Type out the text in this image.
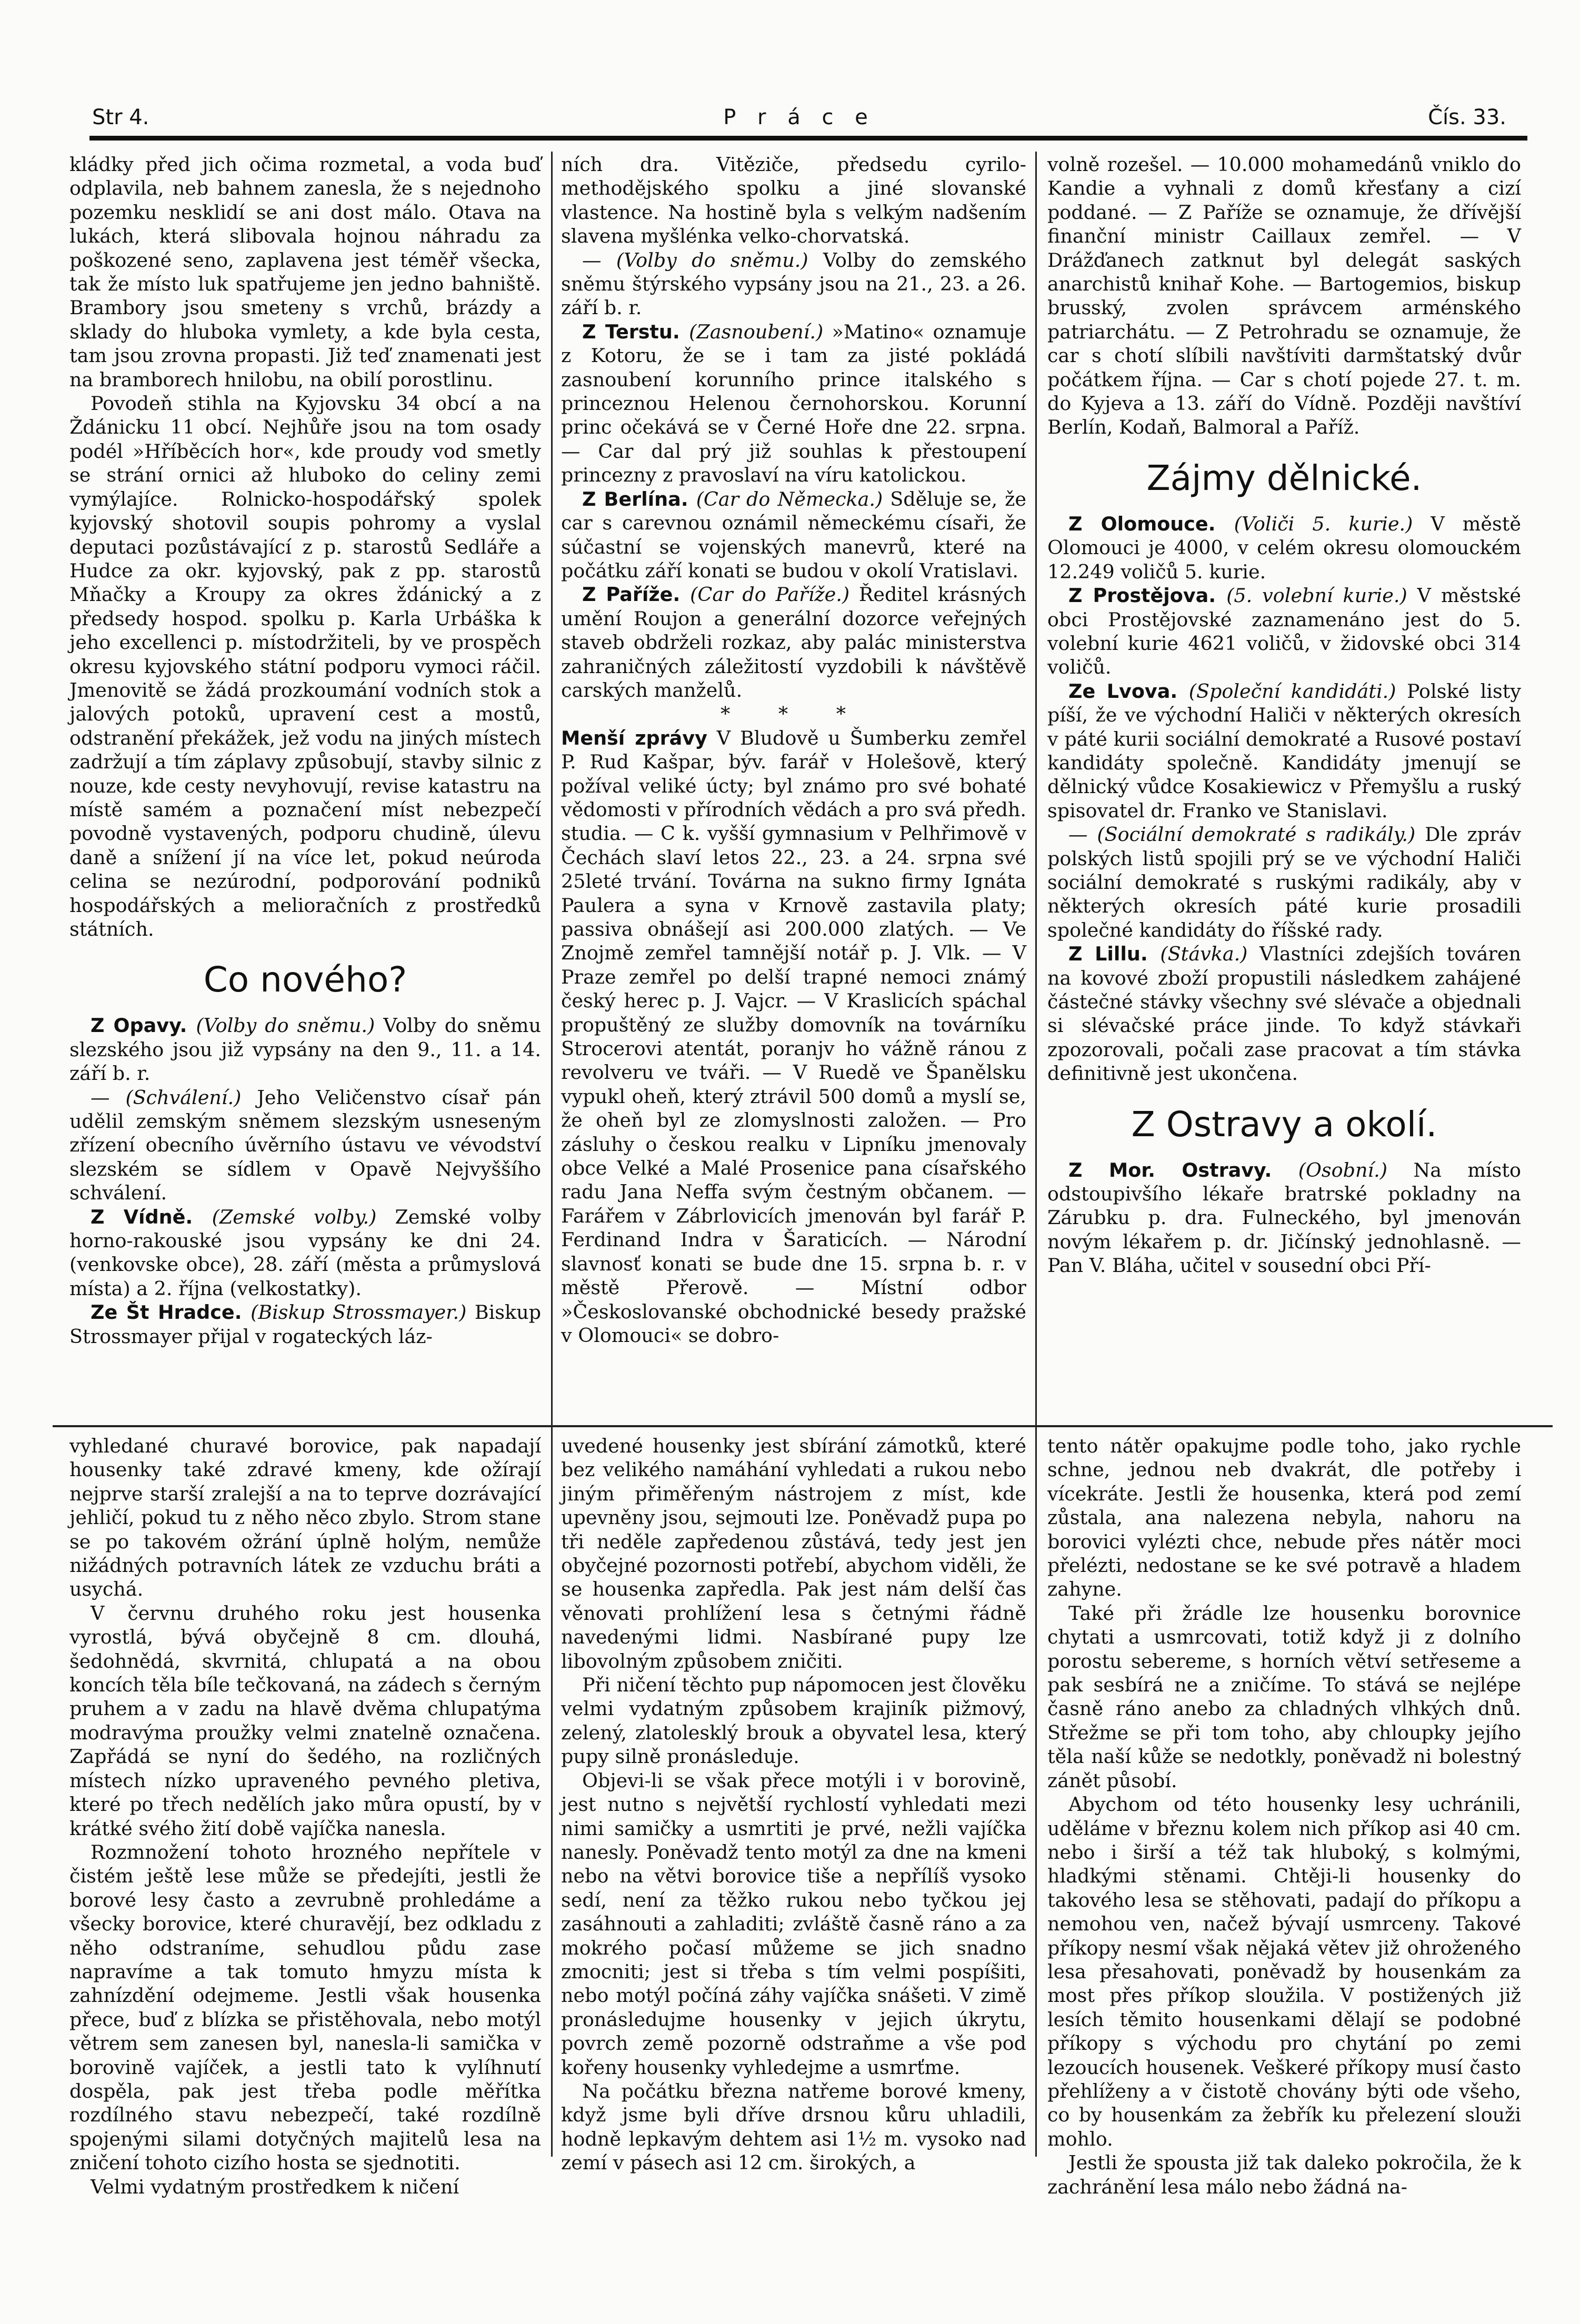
Str 4.	P r á c e	Čís. 33.

kládky před jich očima rozmetal, a voda buď odplavila, neb bahnem zanesla, že s nejednoho pozemku nesklidí se ani dost málo. Otava na lukách, která slibovala hojnou náhradu za poškozené seno, zaplavena jest téměř všecka, tak že místo luk spatřujeme jen jedno bahniště. Brambory jsou smeteny s vrchů, brázdy a sklady do hluboka vymlety, a kde byla cesta, tam jsou zrovna propasti. Již teď znamenati jest na bramborech hnilobu, na obilí porostlinu.

Povodeň stihla na Kyjovsku 34 obcí a na Ždánicku 11 obcí. Nejhůře jsou na tom osady podél »Hříběcích hor«, kde proudy vod smetly se strání ornici až hluboko do celiny zemi vymýlajíce. Rolnicko-hospodářský spolek kyjovský shotovil soupis pohromy a vyslal deputaci pozůstávající z p. starostů Sedláře a Hudce za okr. kyjovský, pak z pp. starostů Mňačky a Kroupy za okres ždánický a z předsedy hospod. spolku p. Karla Urbáška k jeho excellenci p. místodržiteli, by ve prospěch okresu kyjovského státní podporu vymoci ráčil. Jmenovitě se žádá prozkoumání vodních stok a jalových potoků, upravení cest a mostů, odstranění překážek, jež vodu na jiných místech zadržují a tím záplavy způsobují, stavby silnic z nouze, kde cesty nevyhovují, revise katastru na místě samém a poznačení míst nebezpečí povodně vystavených, podporu chudině, úlevu daně a snížení jí na více let, pokud neúroda celina se nezúrodní, podporování podniků hospodářských a melioračních z prostředků státních.

Co nového?

Z Opavy. (Volby do sněmu.) Volby do sněmu slezského jsou již vypsány na den 9., 11. a 14. září b. r.

— (Schválení.) Jeho Veličenstvo císař pán udělil zemským sněmem slezským usneseným zřízení obecního úvěrního ústavu ve vévodství slezském se sídlem v Opavě Nejvyššího schválení.

Z Vídně. (Zemské volby.) Zemské volby horno-rakouské jsou vypsány ke dni 24. (venkovske obce), 28. září (města a průmyslová místa) a 2. října (velkostatky).

Ze Št Hradce. (Biskup Strossmayer.) Biskup Strossmayer přijal v rogateckých láz-

ních dra. Vitěziče, předsedu cyrilo-methodějského spolku a jiné slovanské vlastence. Na hostině byla s velkým nadšením slavena myšlénka velko-chorvatská.

— (Volby do sněmu.) Volby do zemského sněmu štýrského vypsány jsou na 21., 23. a 26. září b. r.

Z Terstu. (Zasnoubení.) »Matino« oznamuje z Kotoru, že se i tam za jisté pokládá zasnoubení korunního prince italského s princeznou Helenou černohorskou. Korunní princ očekává se v Černé Hoře dne 22. srpna. — Car dal prý již souhlas k přestoupení princezny z pravoslaví na víru katolickou.

Z Berlína. (Car do Německa.) Sděluje se, že car s carevnou oznámil německému císaři, že súčastní se vojenských manevrů, které na počátku září konati se budou v okolí Vratislavi.

Z Paříže. (Car do Paříže.) Ředitel krásných umění Roujon a generální dozorce veřejných staveb obdrželi rozkaz, aby palác ministerstva zahraničných záležitostí vyzdobili k návštěvě carských manželů.

* * *

Menší zprávy V Bludově u Šumberku zemřel P. Rud Kašpar, býv. farář v Holešově, který požíval veliké úcty; byl známo pro své bohaté vědomosti v přírodních vědách a pro svá předh. studia. — C k. vyšší gymnasium v Pelhřimově v Čechách slaví letos 22., 23. a 24. srpna své 25leté trvání. Továrna na sukno firmy Ignáta Paulera a syna v Krnově zastavila platy; passiva obnášejí asi 200.000 zlatých. — Ve Znojmě zemřel tamnější notář p. J. Vlk. — V Praze zemřel po delší trapné nemoci známý český herec p. J. Vajcr. — V Kraslicích spáchal propuštěný ze služby domovník na továrníku Strocerovi atentát, poranjv ho vážně ránou z revolveru ve tváři. — V Ruedě ve Španělsku vypukl oheň, který ztrávil 500 domů a myslí se, že oheň byl ze zlomyslnosti založen. — Pro zásluhy o českou realku v Lipníku jmenovaly obce Velké a Malé Prosenice pana císařského radu Jana Neffa svým čestným občanem. — Farářem v Zábrlovicích jmenován byl farář P. Ferdinand Indra v Šaraticích. — Národní slavnosť konati se bude dne 15. srpna b. r. v městě Přerově. — Místní odbor »Českoslovanské obchodnické besedy pražské v Olomouci« se dobro-

volně rozešel. — 10.000 mohamedánů vniklo do Kandie a vyhnali z domů křesťany a cizí poddané. — Z Paříže se oznamuje, že dřívější finanční ministr Caillaux zemřel. — V Drážďanech zatknut byl delegát saských anarchistů knihař Kohe. — Bartogemios, biskup brusský, zvolen správcem arménského patriarchátu. — Z Petrohradu se oznamuje, že car s chotí slíbili navštíviti darmštatský dvůr počátkem října. — Car s chotí pojede 27. t. m. do Kyjeva a 13. září do Vídně. Později navštíví Berlín, Kodaň, Balmoral a Paříž.

Zájmy dělnické.

Z Olomouce. (Voliči 5. kurie.) V městě Olomouci je 4000, v celém okresu olomouckém 12.249 voličů 5. kurie.

Z Prostějova. (5. volební kurie.) V městské obci Prostějovské zaznamenáno jest do 5. volební kurie 4621 voličů, v židovské obci 314 voličů.

Ze Lvova. (Společní kandidáti.) Polské listy píší, že ve východní Haliči v některých okresích v páté kurii sociální demokraté a Rusové postaví kandidáty společně. Kandidáty jmenují se dělnický vůdce Kosakiewicz v Přemyšlu a ruský spisovatel dr. Franko ve Stanislavi.

— (Sociální demokraté s radikály.) Dle zpráv polských listů spojili prý se ve východní Haliči sociální demokraté s ruskými radikály, aby v některých okresích páté kurie prosadili společné kandidáty do říšské rady.

Z Lillu. (Stávka.) Vlastníci zdejších továren na kovové zboží propustili následkem zahájené částečné stávky všechny své slévače a objednali si slévačské práce jinde. To když stávkaři zpozorovali, počali zase pracovat a tím stávka definitivně jest ukončena.

Z Ostravy a okolí.

Z Mor. Ostravy. (Osobní.) Na místo odstoupivšího lékaře bratrské pokladny na Zárubku p. dra. Fulneckého, byl jmenován novým lékařem p. dr. Jičínský jednohlasně. — Pan V. Bláha, učitel v sousední obci Pří-

vyhledané churavé borovice, pak napadají housenky také zdravé kmeny, kde ožírají nejprve starší zralejší a na to teprve dozrávající jehličí, pokud tu z něho něco zbylo. Strom stane se po takovém ožrání úplně holým, nemůže nižádných potravních látek ze vzduchu bráti a usychá.

V červnu druhého roku jest housenka vyrostlá, bývá obyčejně 8 cm. dlouhá, šedohnědá, skvrnitá, chlupatá a na obou koncích těla bíle tečkovaná, na zádech s černým pruhem a v zadu na hlavě dvěma chlupatýma modravýma proužky velmi znatelně označena. Zapřádá se nyní do šedého, na rozličných místech nízko upraveného pevného pletiva, které po třech nedělích jako můra opustí, by v krátké svého žití době vajíčka nanesla.

Rozmnožení tohoto hrozného nepřítele v čistém ještě lese může se předejíti, jestli že borové lesy často a zevrubně prohledáme a všecky borovice, které churavějí, bez odkladu z něho odstraníme, sehudlou půdu zase napravíme a tak tomuto hmyzu místa k zahnízdění odejmeme. Jestli však housenka přece, buď z blízka se přistěhovala, nebo motýl větrem sem zanesen byl, nanesla-li samička v borovině vajíček, a jestli tato k vylíhnutí dospěla, pak jest třeba podle měřítka rozdílného stavu nebezpečí, také rozdílně spojenými silami dotyčných majitelů lesa na zničení tohoto cizího hosta se sjednotiti.

Velmi vydatným prostředkem k ničení

uvedené housenky jest sbírání zámotků, které bez velikého namáhání vyhledati a rukou nebo jiným přiměřeným nástrojem z míst, kde upevněny jsou, sejmouti lze. Poněvadž pupa po tři neděle zapředenou zůstává, tedy jest jen obyčejné pozornosti potřebí, abychom viděli, že se housenka zapředla. Pak jest nám delší čas věnovati prohlížení lesa s četnými řádně navedenými lidmi. Nasbírané pupy lze libovolným způsobem zničiti.

Při ničení těchto pup nápomocen jest člověku velmi vydatným způsobem krajiník pižmový, zelený, zlatolesklý brouk a obyvatel lesa, který pupy silně pronásleduje.

Objevi-li se však přece motýli i v borovině, jest nutno s největší rychlostí vyhledati mezi nimi samičky a usmrtiti je prvé, nežli vajíčka nanesly. Poněvadž tento motýl za dne na kmeni nebo na větvi borovice tiše a nepřílíš vysoko sedí, není za těžko rukou nebo tyčkou jej zasáhnouti a zahladiti; zvláště časně ráno a za mokrého počasí můžeme se jich snadno zmocniti; jest si třeba s tím velmi pospíšiti, nebo motýl počíná záhy vajíčka snášeti. V zimě pronásledujme housenky v jejich úkrytu, povrch země pozorně odstraňme a vše pod kořeny housenky vyhledejme a usmrťme.

Na počátku března natřeme borové kmeny, když jsme byli dříve drsnou kůru uhladili, hodně lepkavým dehtem asi 1½ m. vysoko nad zemí v pásech asi 12 cm. širokých, a

tento nátěr opakujme podle toho, jako rychle schne, jednou neb dvakrát, dle potřeby i vícekráte. Jestli že housenka, která pod zemí zůstala, ana nalezena nebyla, nahoru na borovici vylézti chce, nebude přes nátěr moci přelézti, nedostane se ke své potravě a hladem zahyne.

Také při žrádle lze housenku borovnice chytati a usmrcovati, totiž když ji z dolního porostu sebereme, s horních větví setřeseme a pak sesbírá ne a zničíme. To stává se nejlépe časně ráno anebo za chladných vlhkých dnů. Střežme se při tom toho, aby chloupky jejího těla naší kůže se nedotkly, poněvadž ni bolestný zánět působí.

Abychom od této housenky lesy uchránili, uděláme v březnu kolem nich příkop asi 40 cm. nebo i širší a též tak hluboký, s kolmými, hladkými stěnami. Chtěji-li housenky do takového lesa se stěhovati, padají do příkopu a nemohou ven, načež bývají usmrceny. Takové příkopy nesmí však nějaká větev již ohroženého lesa přesahovati, poněvadž by housenkám za most přes příkop sloužila. V postižených již lesích těmito housenkami dělají se podobné příkopy s východu pro chytání po zemi lezoucích housenek. Veškeré příkopy musí často přehlíženy a v čistotě chovány býti ode všeho, co by housenkám za žebřík ku přelezení slouži mohlo.

Jestli že spousta již tak daleko pokročila, že k zachránění lesa málo nebo žádná na-
